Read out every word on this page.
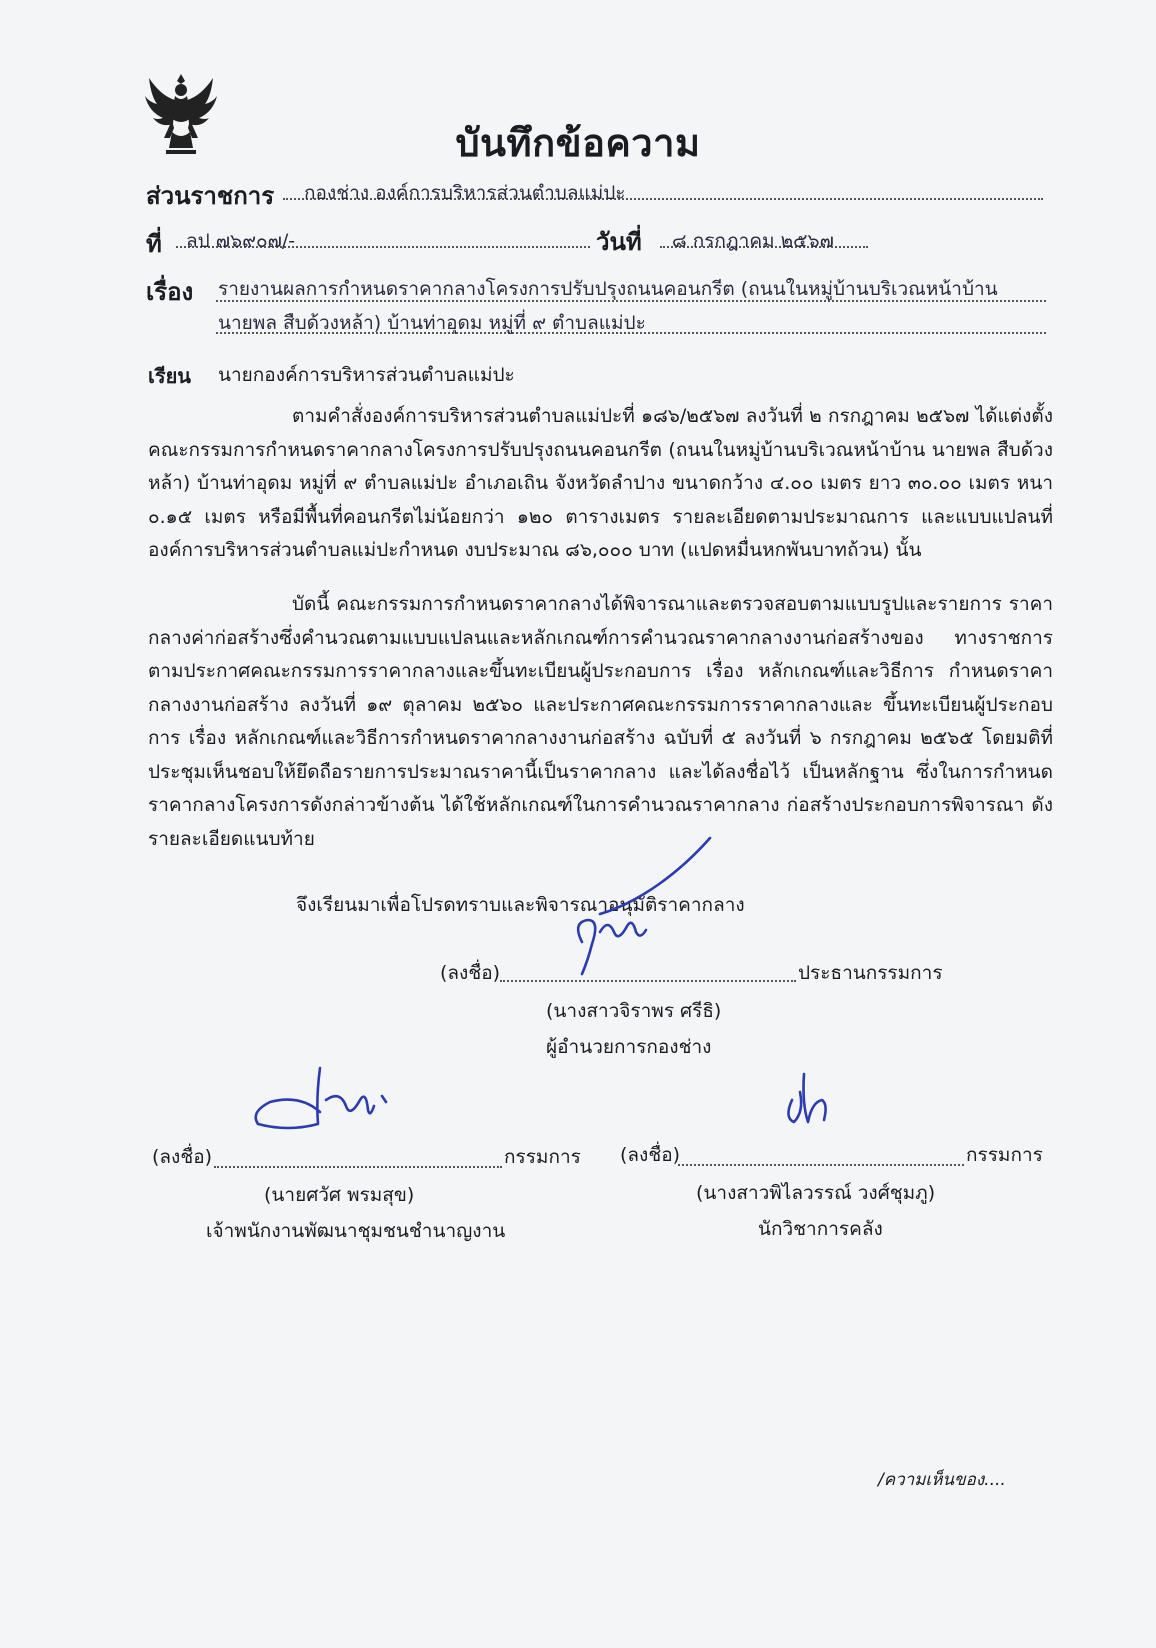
บันทึกข้อความ
ส่วนราชการ กองช่าง องค์การบริหารส่วนตำบลแม่ปะ
ที่ ลป ๗๖๙๐๗/-	วันที่ ๘ กรกฎาคม ๒๕๖๗
เรื่อง รายงานผลการกำหนดราคากลางโครงการปรับปรุงถนนคอนกรีต (ถนนในหมู่บ้านบริเวณหน้าบ้าน
นายพล สืบด้วงหล้า) บ้านท่าอุดม หมู่ที่ ๙ ตำบลแม่ปะ
เรียน นายกองค์การบริหารส่วนตำบลแม่ปะ
ตามคำสั่งองค์การบริหารส่วนตำบลแม่ปะที่ ๑๘๖/๒๕๖๗ ลงวันที่ ๒ กรกฎาคม ๒๕๖๗ ได้แต่งตั้งคณะกรรมการกำหนดราคากลางโครงการปรับปรุงถนนคอนกรีต (ถนนในหมู่บ้านบริเวณหน้าบ้าน นายพล สืบด้วงหล้า) บ้านท่าอุดม หมู่ที่ ๙ ตำบลแม่ปะ อำเภอเถิน จังหวัดลำปาง ขนาดกว้าง ๔.๐๐ เมตร ยาว ๓๐.๐๐ เมตร หนา ๐.๑๕ เมตร หรือมีพื้นที่คอนกรีตไม่น้อยกว่า ๑๒๐ ตารางเมตร รายละเอียดตามประมาณการ และแบบแปลนที่องค์การบริหารส่วนตำบลแม่ปะกำหนด งบประมาณ ๘๖,๐๐๐ บาท (แปดหมื่นหกพันบาทถ้วน) นั้น
บัดนี้ คณะกรรมการกำหนดราคากลางได้พิจารณาและตรวจสอบตามแบบรูปและรายการ ราคากลางค่าก่อสร้างซึ่งคำนวณตามแบบแปลนและหลักเกณฑ์การคำนวณราคากลางงานก่อสร้างของ ทางราชการ ตามประกาศคณะกรรมการราคากลางและขึ้นทะเบียนผู้ประกอบการ เรื่อง หลักเกณฑ์และวิธีการ กำหนดราคากลางงานก่อสร้าง ลงวันที่ ๑๙ ตุลาคม ๒๕๖๐ และประกาศคณะกรรมการราคากลางและ ขึ้นทะเบียนผู้ประกอบการ เรื่อง หลักเกณฑ์และวิธีการกำหนดราคากลางงานก่อสร้าง ฉบับที่ ๕ ลงวันที่ ๖ กรกฎาคม ๒๕๖๕ โดยมติที่ประชุมเห็นชอบให้ยึดถือรายการประมาณราคานี้เป็นราคากลาง และได้ลงชื่อไว้ เป็นหลักฐาน ซึ่งในการกำหนดราคากลางโครงการดังกล่าวข้างต้น ได้ใช้หลักเกณฑ์ในการคำนวณราคากลาง ก่อสร้างประกอบการพิจารณา ดังรายละเอียดแนบท้าย
จึงเรียนมาเพื่อโปรดทราบและพิจารณาอนุมัติราคากลาง
(ลงชื่อ)	ประธานกรรมการ
(นางสาวจิราพร ศรีธิ)
ผู้อำนวยการกองช่าง
(ลงชื่อ)	กรรมการ
(นายศวัศ พรมสุข)
เจ้าพนักงานพัฒนาชุมชนชำนาญงาน
(ลงชื่อ)	กรรมการ
(นางสาวพิไลวรรณ์ วงศ์ชุมภู)
นักวิชาการคลัง
/ความเห็นของ....
